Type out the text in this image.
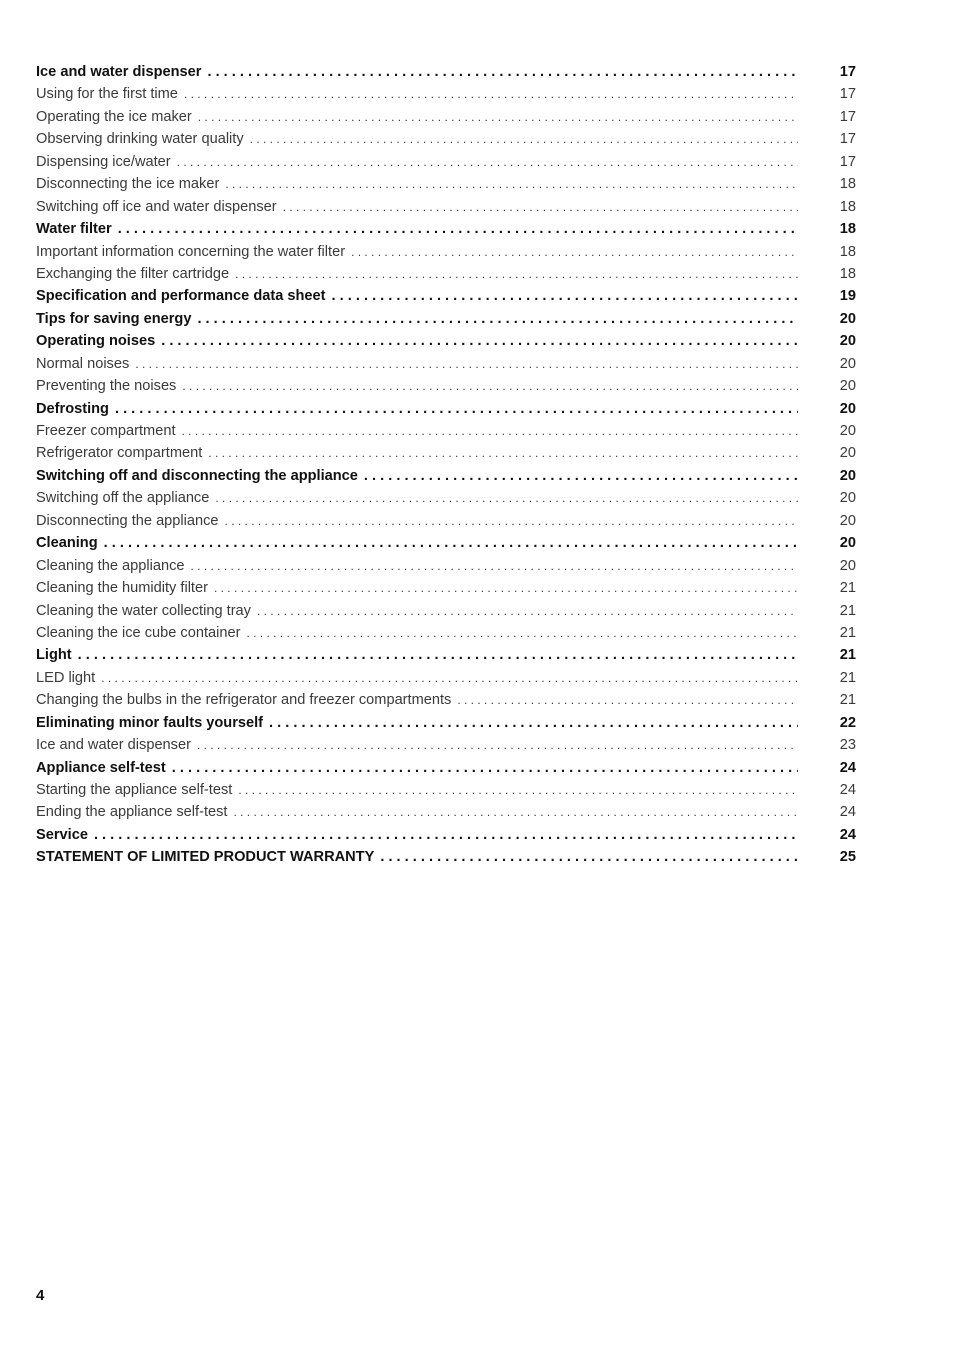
Ice and water dispenser . . .	17
Using for the first time . . .	17
Operating the ice maker . . .	17
Observing drinking water quality . . .	17
Dispensing ice/water . . .	17
Disconnecting the ice maker . . .	18
Switching off ice and water dispenser . . .	18
Water filter . . .	18
Important information concerning the water filter . . .	18
Exchanging the filter cartridge . . .	18
Specification and performance data sheet . . .	19
Tips for saving energy . . .	20
Operating noises . . .	20
Normal noises . . .	20
Preventing the noises . . .	20
Defrosting . . .	20
Freezer compartment . . .	20
Refrigerator compartment . . .	20
Switching off and disconnecting the appliance . . .	20
Switching off the appliance . . .	20
Disconnecting the appliance . . .	20
Cleaning . . .	20
Cleaning the appliance . . .	20
Cleaning the humidity filter . . .	21
Cleaning the water collecting tray . . .	21
Cleaning the ice cube container . . .	21
Light . . .	21
LED light . . .	21
Changing the bulbs in the refrigerator and freezer compartments . . .	21
Eliminating minor faults yourself . . .	22
Ice and water dispenser . . .	23
Appliance self-test . . .	24
Starting the appliance self-test . . .	24
Ending the appliance self-test . . .	24
Service . . .	24
STATEMENT OF LIMITED PRODUCT WARRANTY . . .	25
4
